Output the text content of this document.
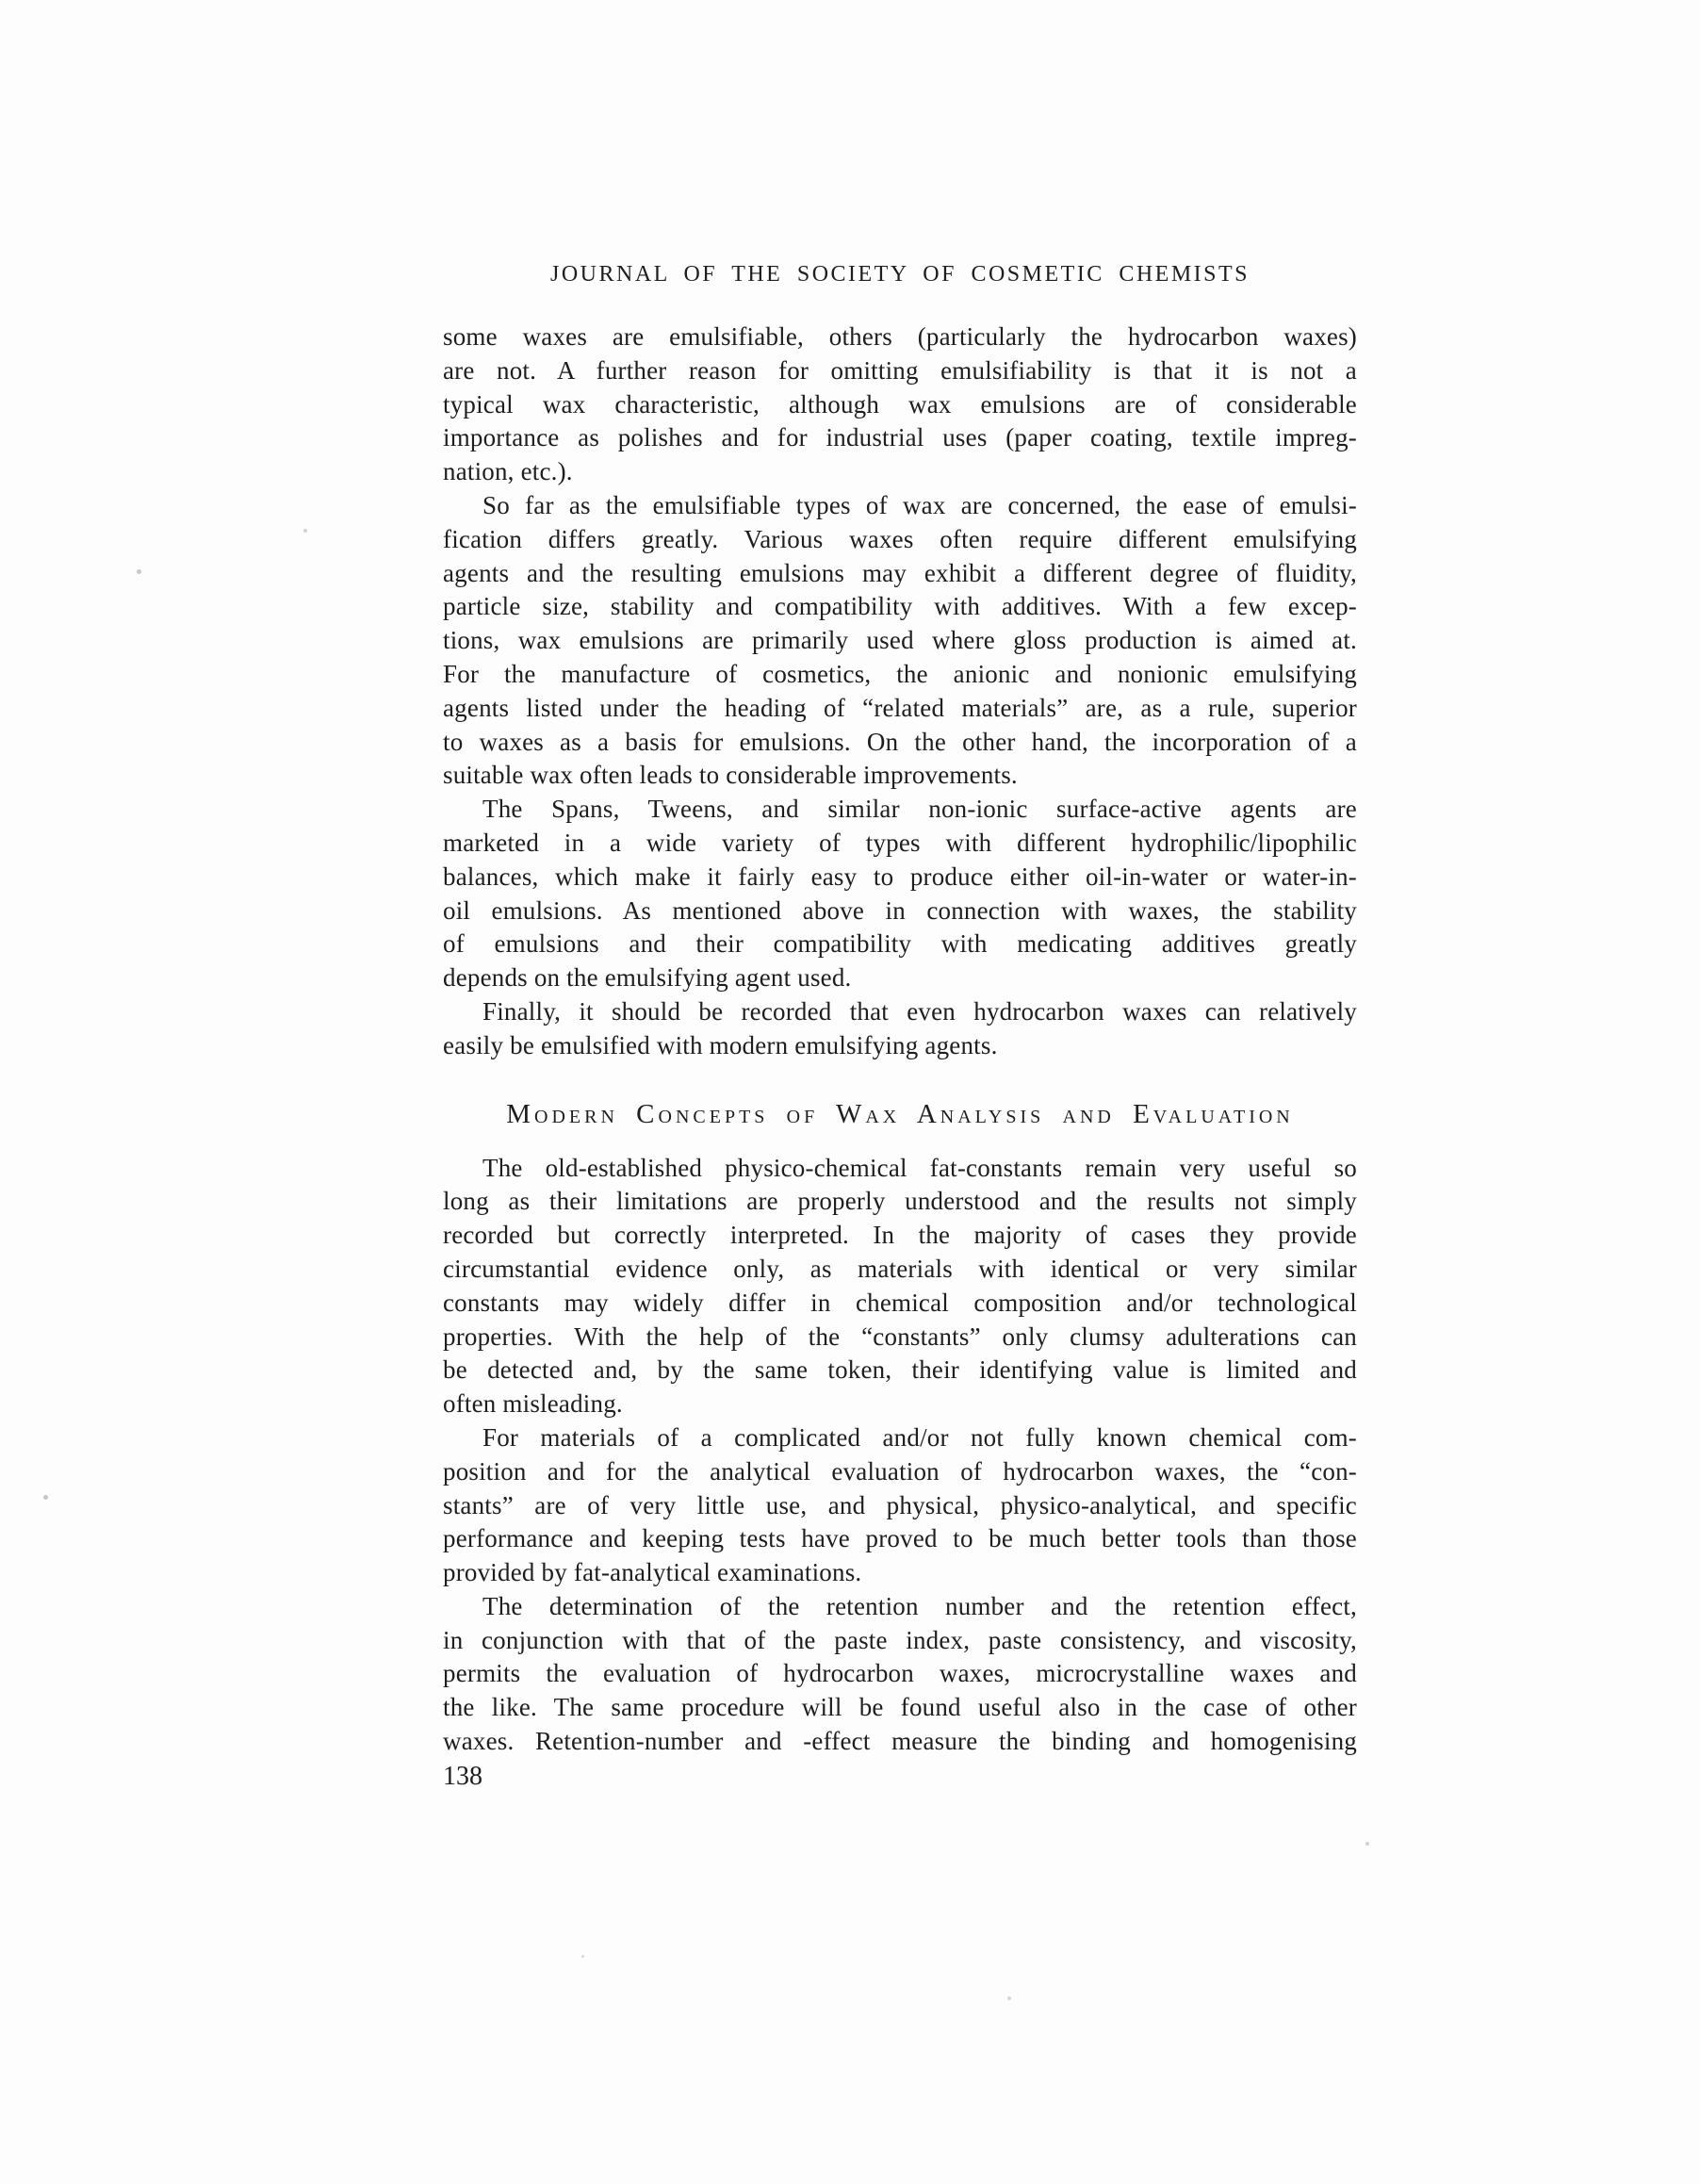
JOURNAL OF THE SOCIETY OF COSMETIC CHEMISTS
some waxes are emulsifiable, others (particularly the hydrocarbon waxes)
are not. A further reason for omitting emulsifiability is that it is not a
typical wax characteristic, although wax emulsions are of considerable
importance as polishes and for industrial uses (paper coating, textile impreg-
nation, etc.).
So far as the emulsifiable types of wax are concerned, the ease of emulsi-
fication differs greatly. Various waxes often require different emulsifying
agents and the resulting emulsions may exhibit a different degree of fluidity,
particle size, stability and compatibility with additives. With a few excep-
tions, wax emulsions are primarily used where gloss production is aimed at.
For the manufacture of cosmetics, the anionic and nonionic emulsifying
agents listed under the heading of “related materials” are, as a rule, superior
to waxes as a basis for emulsions. On the other hand, the incorporation of a
suitable wax often leads to considerable improvements.
The Spans, Tweens, and similar non-ionic surface-active agents are
marketed in a wide variety of types with different hydrophilic/lipophilic
balances, which make it fairly easy to produce either oil-in-water or water-in-
oil emulsions. As mentioned above in connection with waxes, the stability
of emulsions and their compatibility with medicating additives greatly
depends on the emulsifying agent used.
Finally, it should be recorded that even hydrocarbon waxes can relatively
easily be emulsified with modern emulsifying agents.
Modern Concepts of Wax Analysis and Evaluation
The old-established physico-chemical fat-constants remain very useful so
long as their limitations are properly understood and the results not simply
recorded but correctly interpreted. In the majority of cases they provide
circumstantial evidence only, as materials with identical or very similar
constants may widely differ in chemical composition and/or technological
properties. With the help of the “constants” only clumsy adulterations can
be detected and, by the same token, their identifying value is limited and
often misleading.
For materials of a complicated and/or not fully known chemical com-
position and for the analytical evaluation of hydrocarbon waxes, the “con-
stants” are of very little use, and physical, physico-analytical, and specific
performance and keeping tests have proved to be much better tools than those
provided by fat-analytical examinations.
The determination of the retention number and the retention effect,
in conjunction with that of the paste index, paste consistency, and viscosity,
permits the evaluation of hydrocarbon waxes, microcrystalline waxes and
the like. The same procedure will be found useful also in the case of other
waxes. Retention-number and -effect measure the binding and homogenising
138
